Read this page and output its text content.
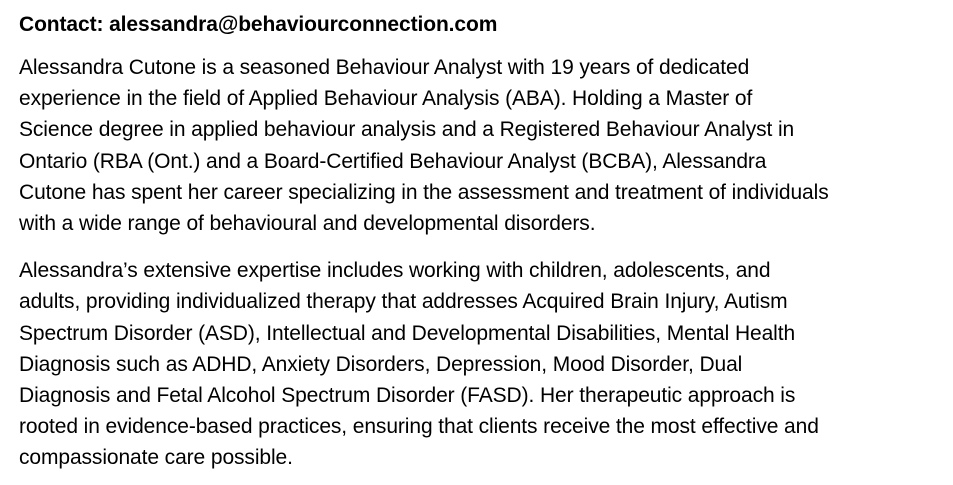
Contact: alessandra@behaviourconnection.com

Alessandra Cutone is a seasoned Behaviour Analyst with 19 years of dedicated
experience in the field of Applied Behaviour Analysis (ABA). Holding a Master of
Science degree in applied behaviour analysis and a Registered Behaviour Analyst in
Ontario (RBA (Ont.) and a Board-Certified Behaviour Analyst (BCBA), Alessandra
Cutone has spent her career specializing in the assessment and treatment of individuals
with a wide range of behavioural and developmental disorders.

Alessandra’s extensive expertise includes working with children, adolescents, and
adults, providing individualized therapy that addresses Acquired Brain Injury, Autism
Spectrum Disorder (ASD), Intellectual and Developmental Disabilities, Mental Health
Diagnosis such as ADHD, Anxiety Disorders, Depression, Mood Disorder, Dual
Diagnosis and Fetal Alcohol Spectrum Disorder (FASD). Her therapeutic approach is
rooted in evidence-based practices, ensuring that clients receive the most effective and
compassionate care possible.
